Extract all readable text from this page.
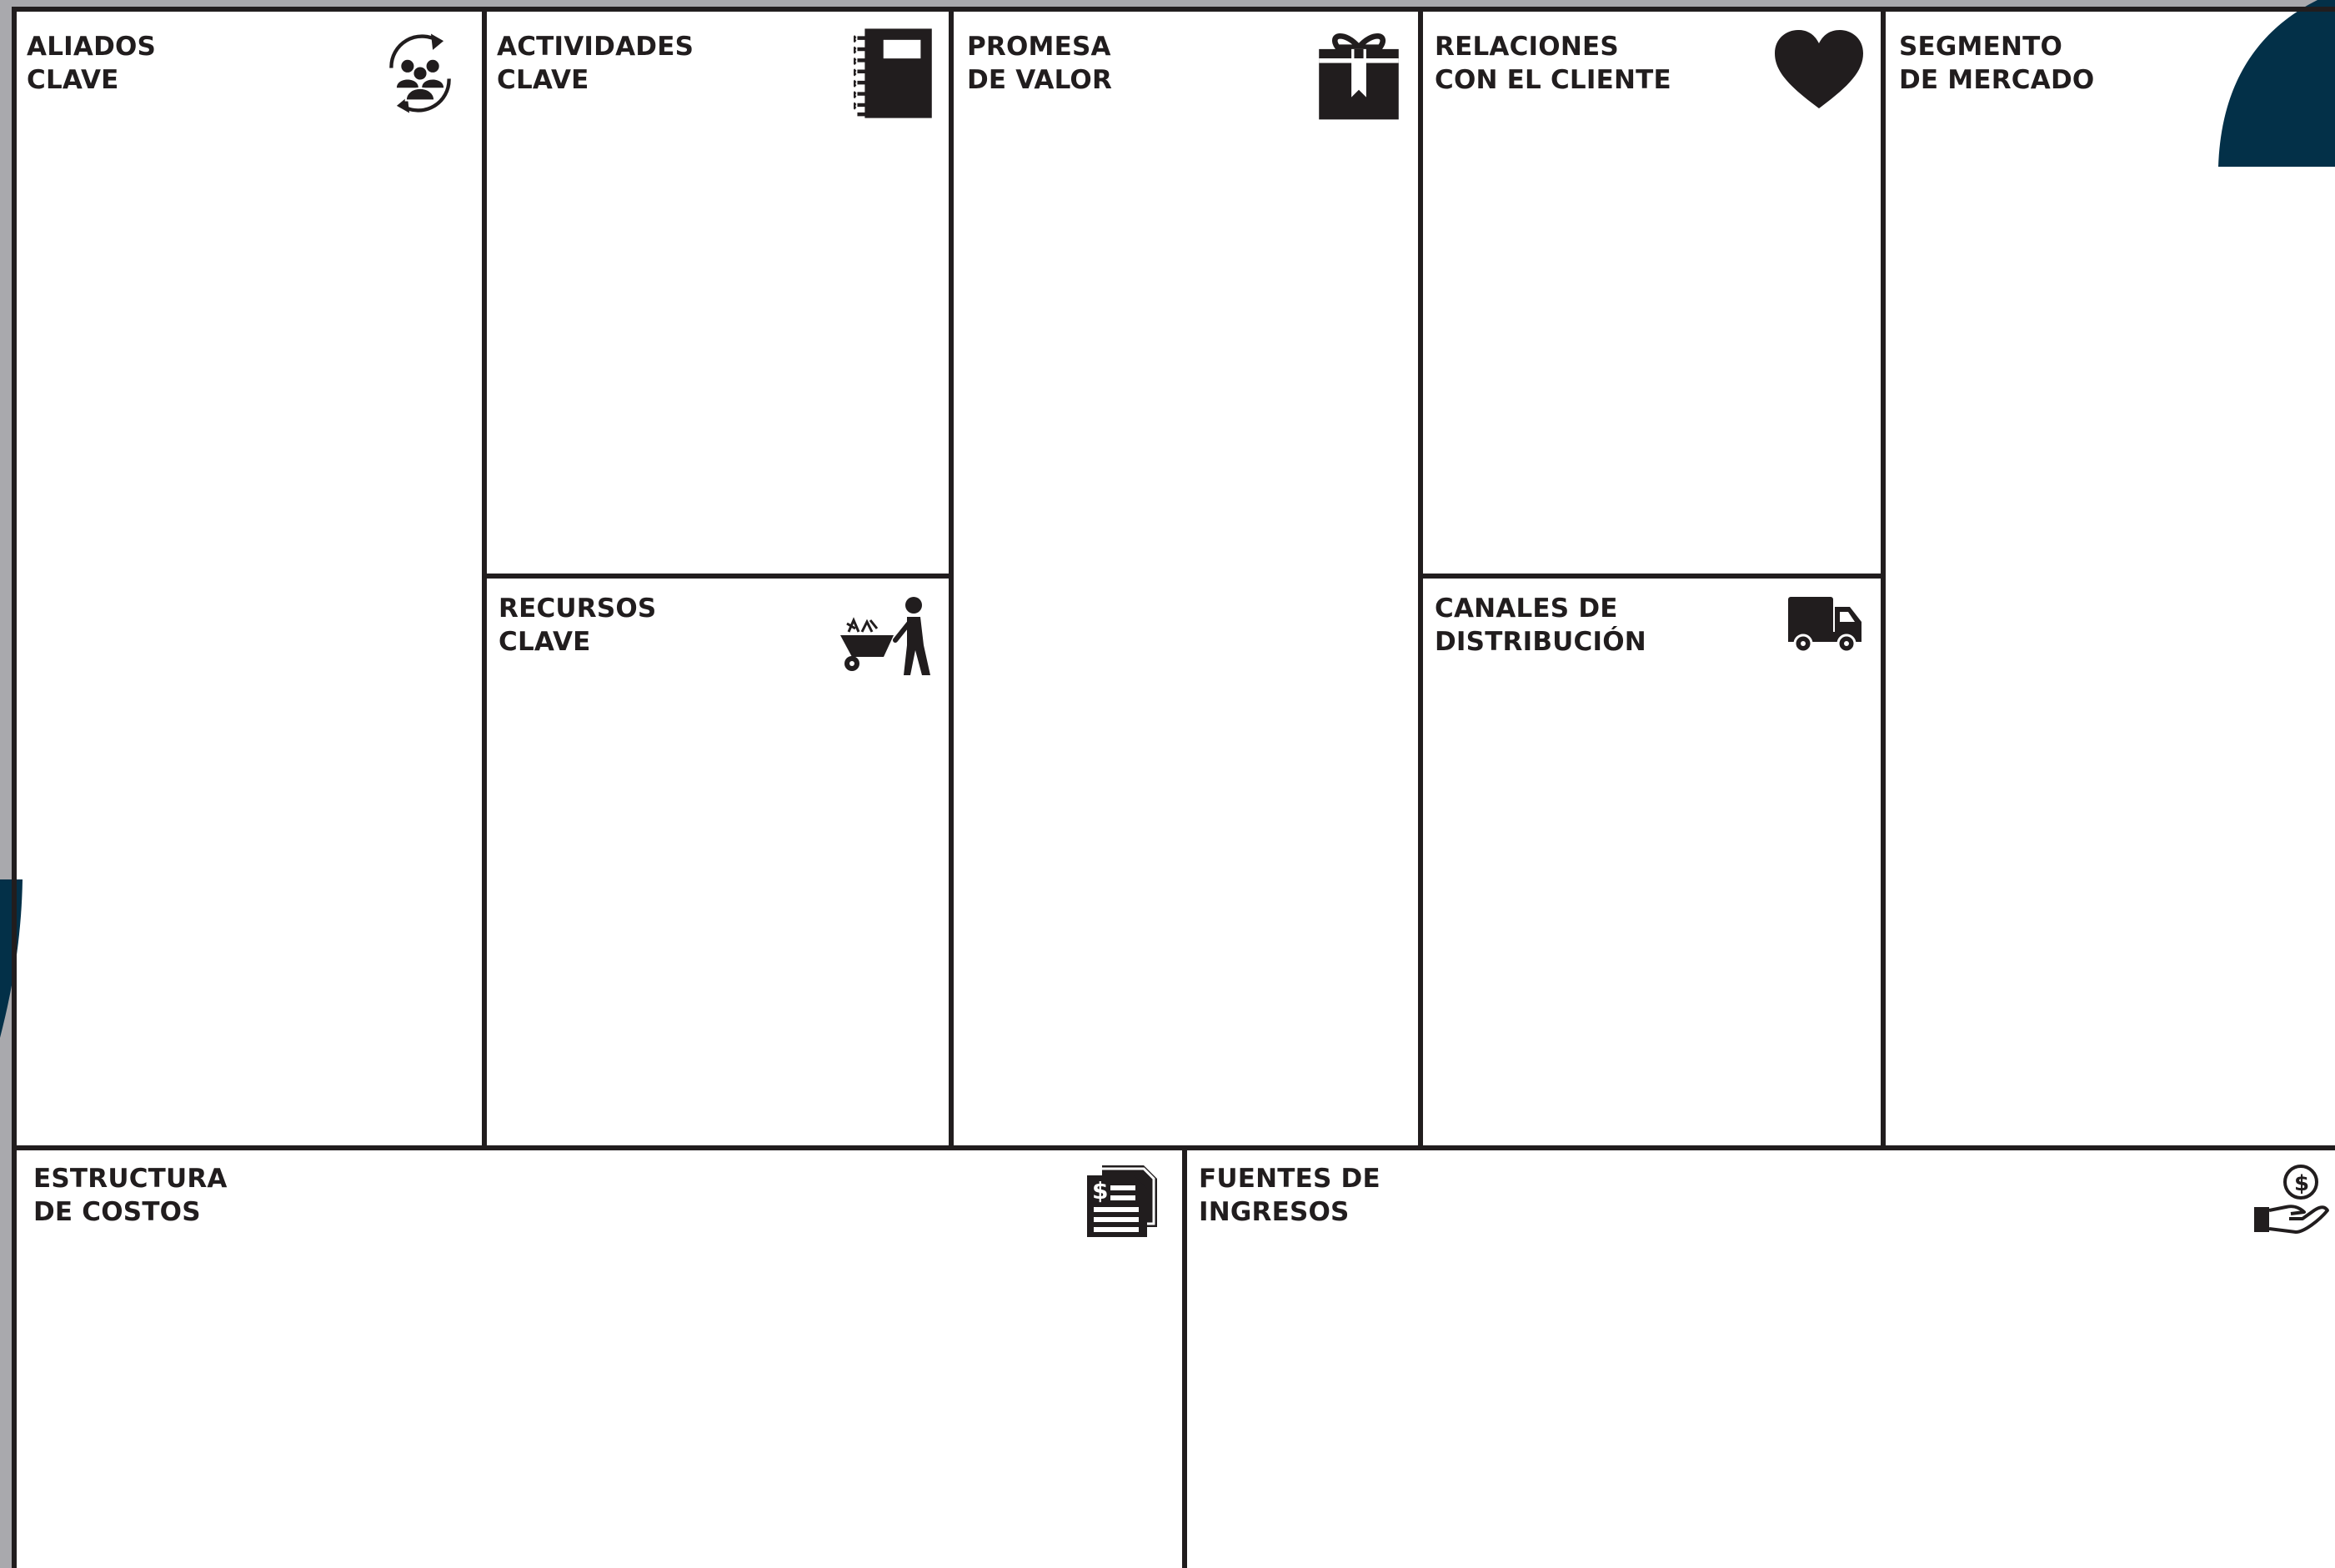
ALIADOS
CLAVE
ACTIVIDADES
CLAVE
PROMESA
DE VALOR
RELACIONES
CON EL CLIENTE
SEGMENTO
DE MERCADO
RECURSOS
CLAVE
CANALES DE
DISTRIBUCIÓN
ESTRUCTURA
DE COSTOS
$	FUENTES DE
INGRESOS
$
